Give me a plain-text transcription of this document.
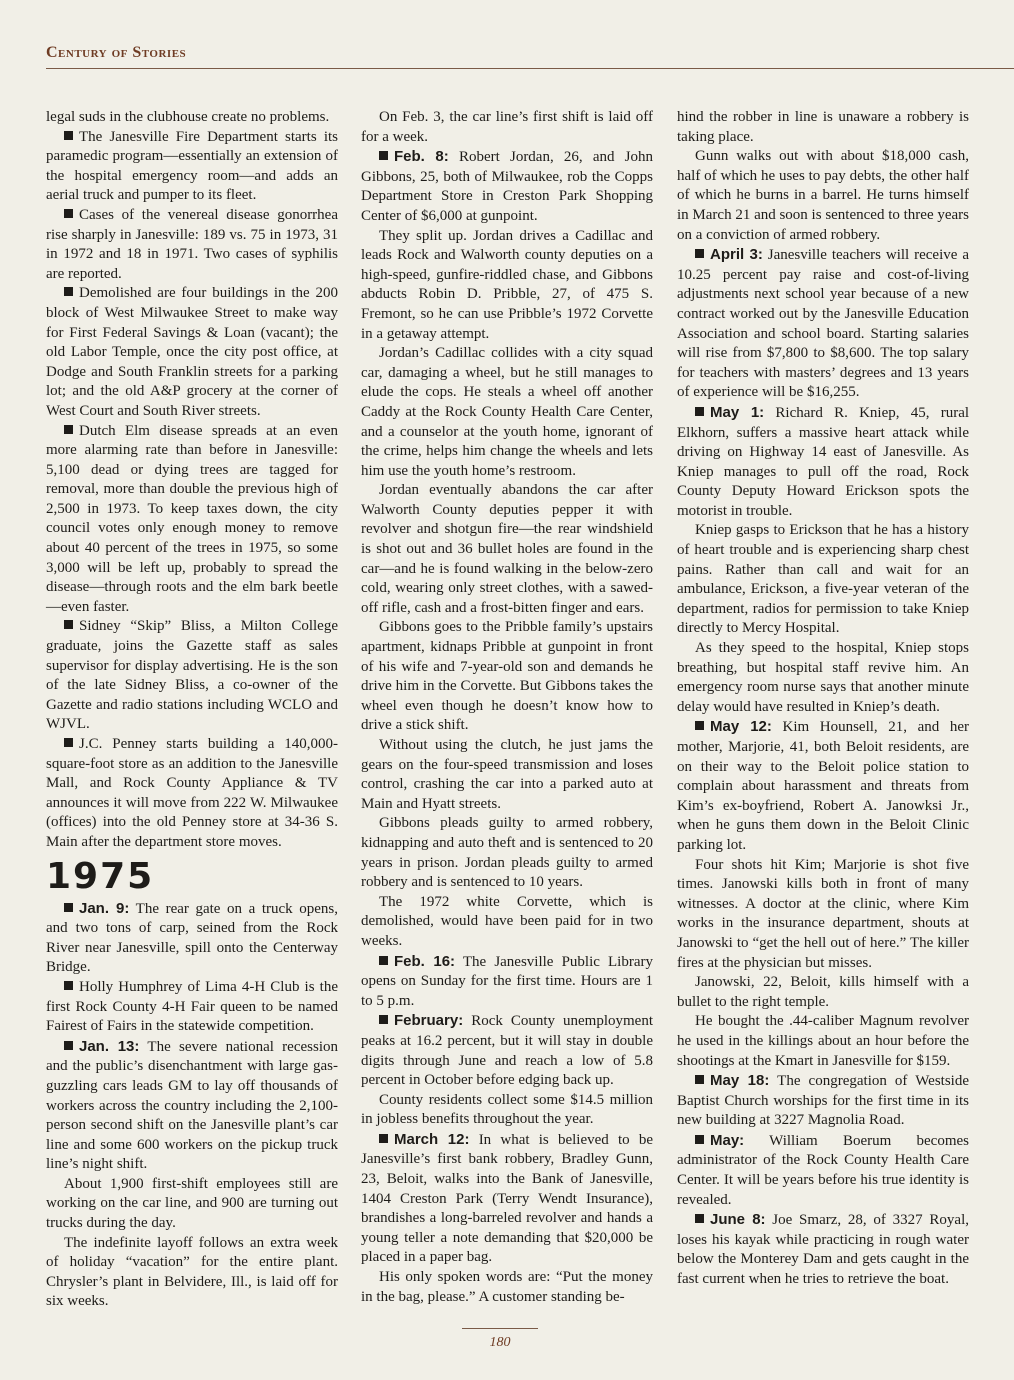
Century of Stories

legal suds in the clubhouse create no problems.

The Janesville Fire Department starts its paramedic program—essentially an extension of the hospital emergency room—and adds an aerial truck and pumper to its fleet.

Cases of the venereal disease gonorrhea rise sharply in Janesville: 189 vs. 75 in 1973, 31 in 1972 and 18 in 1971. Two cases of syphilis are reported.

Demolished are four buildings in the 200 block of West Milwaukee Street to make way for First Federal Savings & Loan (vacant); the old Labor Temple, once the city post office, at Dodge and South Franklin streets for a parking lot; and the old A&P grocery at the corner of West Court and South River streets.

Dutch Elm disease spreads at an even more alarming rate than before in Janesville: 5,100 dead or dying trees are tagged for removal, more than double the previous high of 2,500 in 1973. To keep taxes down, the city council votes only enough money to remove about 40 percent of the trees in 1975, so some 3,000 will be left up, probably to spread the disease—through roots and the elm bark beetle—even faster.

Sidney “Skip” Bliss, a Milton College graduate, joins the Gazette staff as sales supervisor for display advertising. He is the son of the late Sidney Bliss, a co-owner of the Gazette and radio stations including WCLO and WJVL.

J.C. Penney starts building a 140,000-square-foot store as an addition to the Janesville Mall, and Rock County Appliance & TV announces it will move from 222 W. Milwaukee (offices) into the old Penney store at 34-36 S. Main after the department store moves.

1975

Jan. 9: The rear gate on a truck opens, and two tons of carp, seined from the Rock River near Janesville, spill onto the Centerway Bridge.

Holly Humphrey of Lima 4-H Club is the first Rock County 4-H Fair queen to be named Fairest of Fairs in the statewide competition.

Jan. 13: The severe national recession and the public’s disenchantment with large gas-guzzling cars leads GM to lay off thousands of workers across the country including the 2,100-person second shift on the Janesville plant’s car line and some 600 workers on the pickup truck line’s night shift.

About 1,900 first-shift employees still are working on the car line, and 900 are turning out trucks during the day.

The indefinite layoff follows an extra week of holiday “vacation” for the entire plant. Chrysler’s plant in Belvidere, Ill., is laid off for six weeks.

On Feb. 3, the car line’s first shift is laid off for a week.

Feb. 8: Robert Jordan, 26, and John Gibbons, 25, both of Milwaukee, rob the Copps Department Store in Creston Park Shopping Center of $6,000 at gunpoint.

They split up. Jordan drives a Cadillac and leads Rock and Walworth county deputies on a high-speed, gunfire-riddled chase, and Gibbons abducts Robin D. Pribble, 27, of 475 S. Fremont, so he can use Pribble’s 1972 Corvette in a getaway attempt.

Jordan’s Cadillac collides with a city squad car, damaging a wheel, but he still manages to elude the cops. He steals a wheel off another Caddy at the Rock County Health Care Center, and a counselor at the youth home, ignorant of the crime, helps him change the wheels and lets him use the youth home’s restroom.

Jordan eventually abandons the car after Walworth County deputies pepper it with revolver and shotgun fire—the rear windshield is shot out and 36 bullet holes are found in the car—and he is found walking in the below-zero cold, wearing only street clothes, with a sawed-off rifle, cash and a frost-bitten finger and ears.

Gibbons goes to the Pribble family’s upstairs apartment, kidnaps Pribble at gunpoint in front of his wife and 7-year-old son and demands he drive him in the Corvette. But Gibbons takes the wheel even though he doesn’t know how to drive a stick shift.

Without using the clutch, he just jams the gears on the four-speed transmission and loses control, crashing the car into a parked auto at Main and Hyatt streets.

Gibbons pleads guilty to armed robbery, kidnapping and auto theft and is sentenced to 20 years in prison. Jordan pleads guilty to armed robbery and is sentenced to 10 years.

The 1972 white Corvette, which is demolished, would have been paid for in two weeks.

Feb. 16: The Janesville Public Library opens on Sunday for the first time. Hours are 1 to 5 p.m.

February: Rock County unemployment peaks at 16.2 percent, but it will stay in double digits through June and reach a low of 5.8 percent in October before edging back up.

County residents collect some $14.5 million in jobless benefits throughout the year.

March 12: In what is believed to be Janesville’s first bank robbery, Bradley Gunn, 23, Beloit, walks into the Bank of Janesville, 1404 Creston Park (Terry Wendt Insurance), brandishes a long-barreled revolver and hands a young teller a note demanding that $20,000 be placed in a paper bag.

His only spoken words are: “Put the money in the bag, please.” A customer standing be-

hind the robber in line is unaware a robbery is taking place.

Gunn walks out with about $18,000 cash, half of which he uses to pay debts, the other half of which he burns in a barrel. He turns himself in March 21 and soon is sentenced to three years on a conviction of armed robbery.

April 3: Janesville teachers will receive a 10.25 percent pay raise and cost-of-living adjustments next school year because of a new contract worked out by the Janesville Education Association and school board. Starting salaries will rise from $7,800 to $8,600. The top salary for teachers with masters’ degrees and 13 years of experience will be $16,255.

May 1: Richard R. Kniep, 45, rural Elkhorn, suffers a massive heart attack while driving on Highway 14 east of Janesville. As Kniep manages to pull off the road, Rock County Deputy Howard Erickson spots the motorist in trouble.

Kniep gasps to Erickson that he has a history of heart trouble and is experiencing sharp chest pains. Rather than call and wait for an ambulance, Erickson, a five-year veteran of the department, radios for permission to take Kniep directly to Mercy Hospital.

As they speed to the hospital, Kniep stops breathing, but hospital staff revive him. An emergency room nurse says that another minute delay would have resulted in Kniep’s death.

May 12: Kim Hounsell, 21, and her mother, Marjorie, 41, both Beloit residents, are on their way to the Beloit police station to complain about harassment and threats from Kim’s ex-boyfriend, Robert A. Janowksi Jr., when he guns them down in the Beloit Clinic parking lot.

Four shots hit Kim; Marjorie is shot five times. Janowski kills both in front of many witnesses. A doctor at the clinic, where Kim works in the insurance department, shouts at Janowski to “get the hell out of here.” The killer fires at the physician but misses.

Janowski, 22, Beloit, kills himself with a bullet to the right temple.

He bought the .44-caliber Magnum revolver he used in the killings about an hour before the shootings at the Kmart in Janesville for $159.

May 18: The congregation of Westside Baptist Church worships for the first time in its new building at 3227 Magnolia Road.

May: William Boerum becomes administrator of the Rock County Health Care Center. It will be years before his true identity is revealed.

June 8: Joe Smarz, 28, of 3327 Royal, loses his kayak while practicing in rough water below the Monterey Dam and gets caught in the fast current when he tries to retrieve the boat.

180
